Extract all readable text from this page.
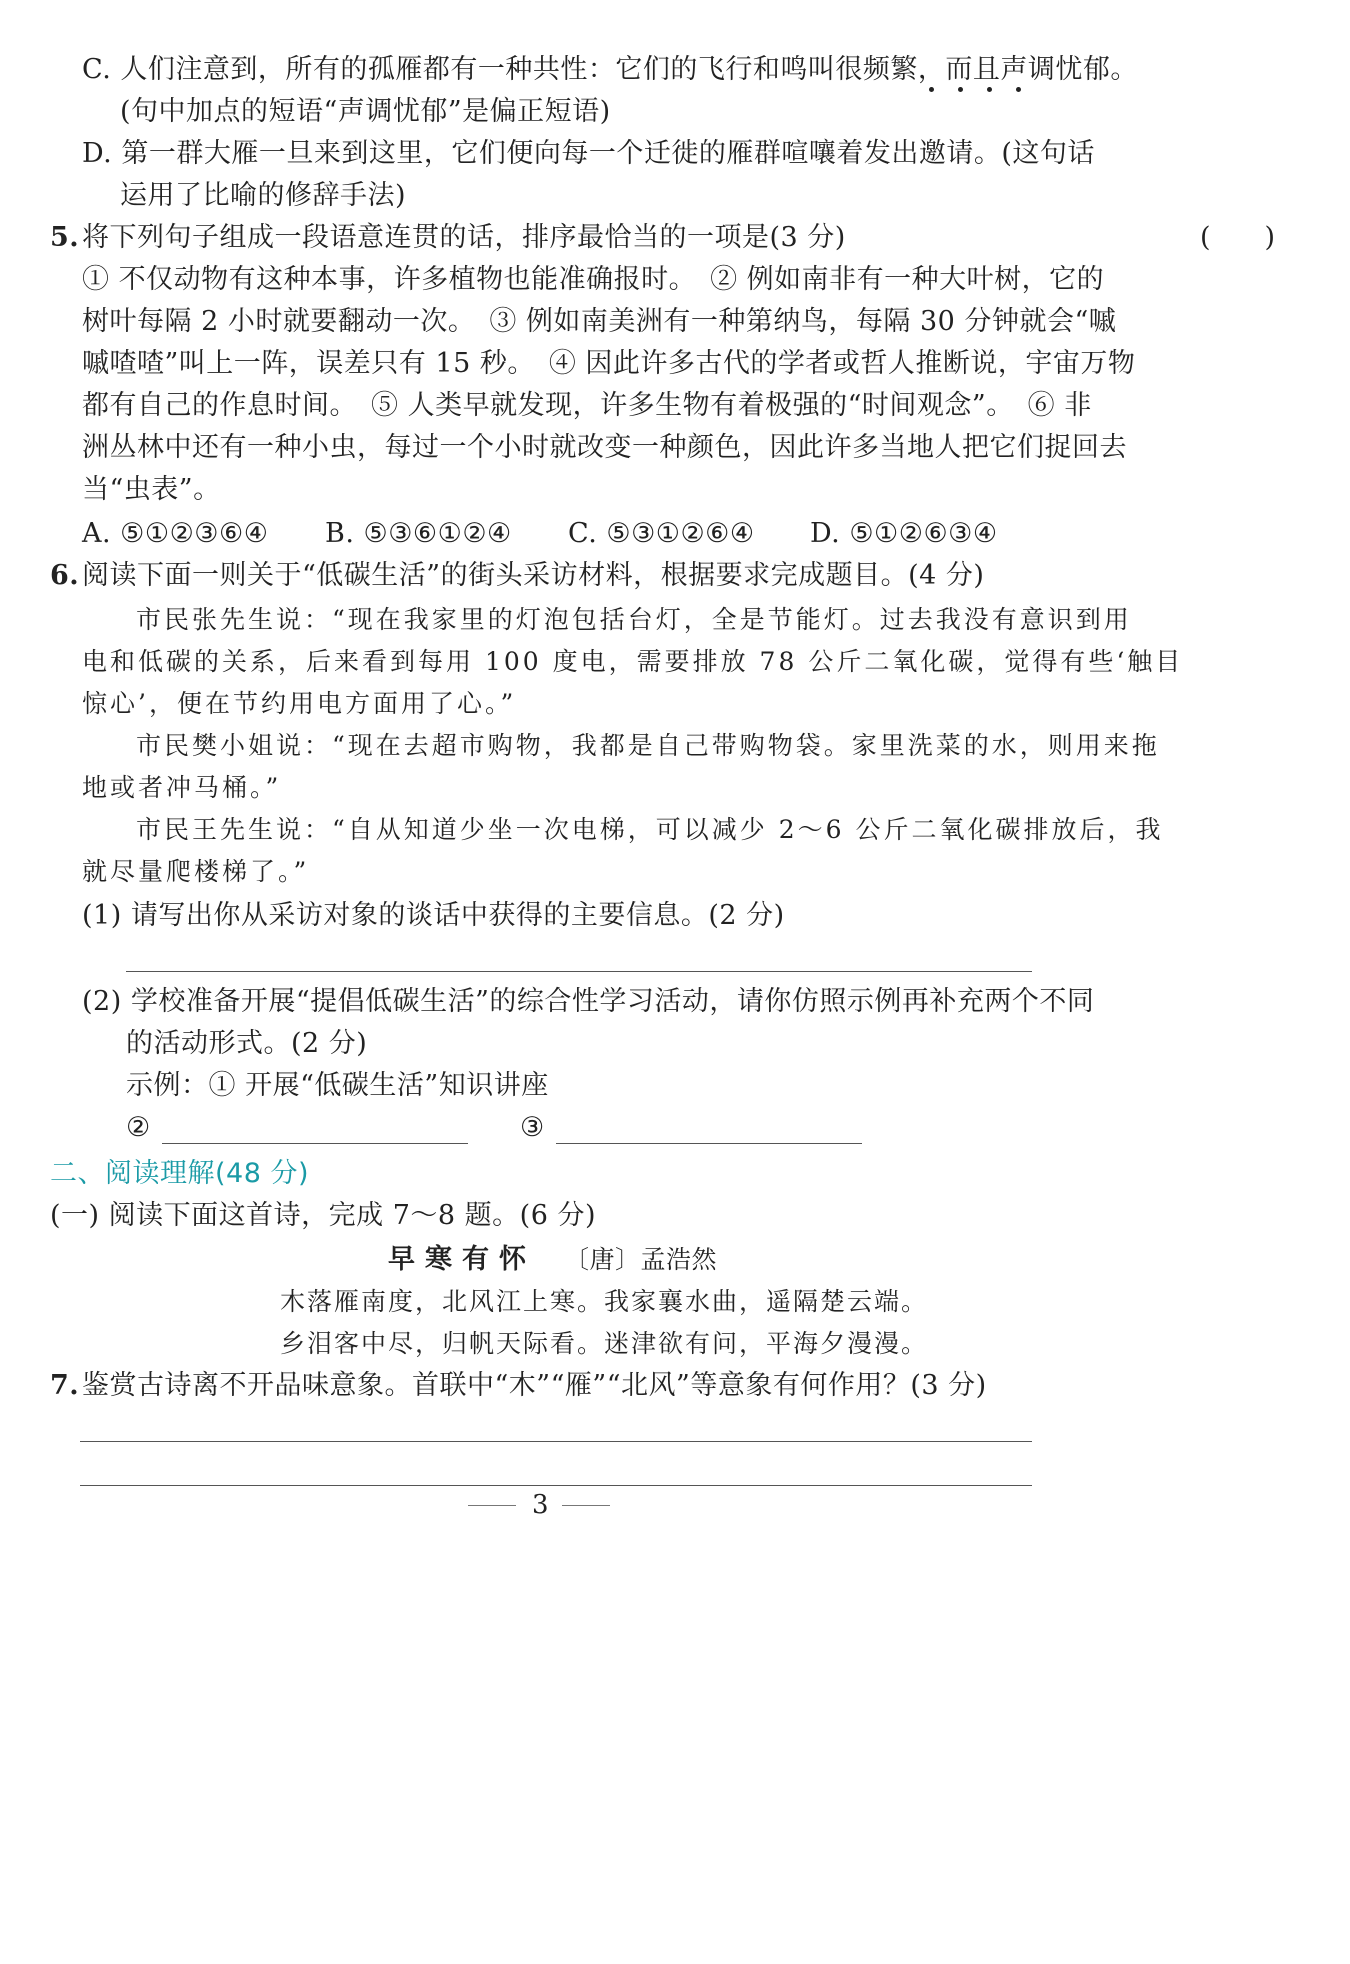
C. 人们注意到，所有的孤雁都有一种共性：它们的飞行和鸣叫很频繁，而且声调忧郁。
(句中加点的短语“声调忧郁”是偏正短语)
D. 第一群大雁一旦来到这里，它们便向每一个迁徙的雁群喧嚷着发出邀请。(这句话
运用了比喻的修辞手法)
5. 将下列句子组成一段语意连贯的话，排序最恰当的一项是(3 分)	(　　)
① 不仅动物有这种本事，许多植物也能准确报时。　② 例如南非有一种大叶树，它的
树叶每隔 2 小时就要翻动一次。　③ 例如南美洲有一种第纳鸟，每隔 30 分钟就会“嘁
嘁喳喳”叫上一阵，误差只有 15 秒。　④ 因此许多古代的学者或哲人推断说，宇宙万物
都有自己的作息时间。　⑤ 人类早就发现，许多生物有着极强的“时间观念”。　⑥ 非
洲丛林中还有一种小虫，每过一个小时就改变一种颜色，因此许多当地人把它们捉回去
当“虫表”。
A. ⑤①②③⑥④ B. ⑤③⑥①②④ C. ⑤③①②⑥④ D. ⑤①②⑥③④
6. 阅读下面一则关于“低碳生活”的街头采访材料，根据要求完成题目。(4 分)
市民张先生说：“现在我家里的灯泡包括台灯，全是节能灯。过去我没有意识到用
电和低碳的关系，后来看到每用 100 度电，需要排放 78 公斤二氧化碳，觉得有些‘触目
惊心’，便在节约用电方面用了心。”
市民樊小姐说：“现在去超市购物，我都是自己带购物袋。家里洗菜的水，则用来拖
地或者冲马桶。”
市民王先生说：“自从知道少坐一次电梯，可以减少 2～6 公斤二氧化碳排放后，我
就尽量爬楼梯了。”
(1) 请写出你从采访对象的谈话中获得的主要信息。(2 分)
(2) 学校准备开展“提倡低碳生活”的综合性学习活动，请你仿照示例再补充两个不同
的活动形式。(2 分)
示例：① 开展“低碳生活”知识讲座
②	③
二、阅读理解(48 分)
(一) 阅读下面这首诗，完成 7～8 题。(6 分)
早寒有怀 〔唐〕孟浩然
木落雁南度，北风江上寒。我家襄水曲，遥隔楚云端。
乡泪客中尽，归帆天际看。迷津欲有问，平海夕漫漫。
7. 鉴赏古诗离不开品味意象。首联中“木”“雁”“北风”等意象有何作用？(3 分)
3
